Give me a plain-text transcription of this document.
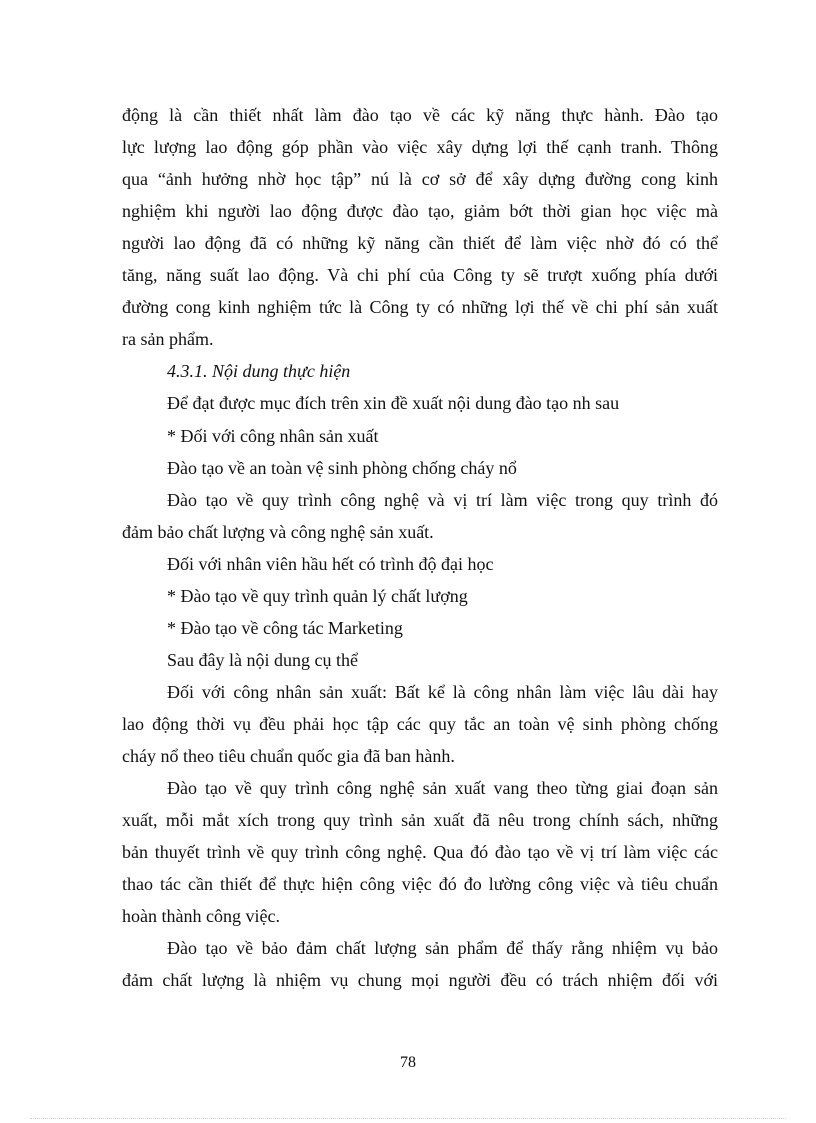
động là cần thiết nhất làm đào tạo về các kỹ năng thực hành. Đào tạo
lực lượng lao động góp phần vào việc xây dựng lợi thế cạnh tranh. Thông
qua “ảnh hưởng nhờ học tập” nú là cơ sở để xây dựng đường cong kinh
nghiệm khi người lao động được đào tạo, giảm bớt thời gian học việc mà
người lao động đã có những kỹ năng cần thiết để làm việc nhờ đó có thể
tăng, năng suất lao động. Và chi phí của Công ty sẽ trượt xuống phía dưới
đường cong kinh nghiệm tức là Công ty có những lợi thế về chi phí sản xuất
ra sản phẩm.
4.3.1. Nội dung thực hiện
Để đạt được mục đích trên xin đề xuất nội dung đào tạo nh sau
* Đối với công nhân sản xuất
Đào tạo về an toàn vệ sinh phòng chống cháy nổ
Đào tạo về quy trình công nghệ và vị trí làm việc trong quy trình đó
đảm bảo chất lượng và công nghệ sản xuất.
Đối với nhân viên hầu hết có trình độ đại học
* Đào tạo về quy trình quản lý chất lượng
* Đào tạo về công tác Marketing
Sau đây là nội dung cụ thể
Đối với công nhân sản xuất: Bất kể là công nhân làm việc lâu dài hay
lao động thời vụ đều phải học tập các quy tắc an toàn vệ sinh phòng chống
cháy nổ theo tiêu chuẩn quốc gia đã ban hành.
Đào tạo về quy trình công nghệ sản xuất vang theo từng giai đoạn sản
xuất, mỗi mắt xích trong quy trình sản xuất đã nêu trong chính sách, những
bản thuyết trình về quy trình công nghệ. Qua đó đào tạo về vị trí làm việc các
thao tác cần thiết để thực hiện công việc đó đo lường công việc và tiêu chuẩn
hoàn thành công việc.
Đào tạo về bảo đảm chất lượng sản phẩm để thấy rằng nhiệm vụ bảo
đảm chất lượng là nhiệm vụ chung mọi người đều có trách nhiệm đối với
78
